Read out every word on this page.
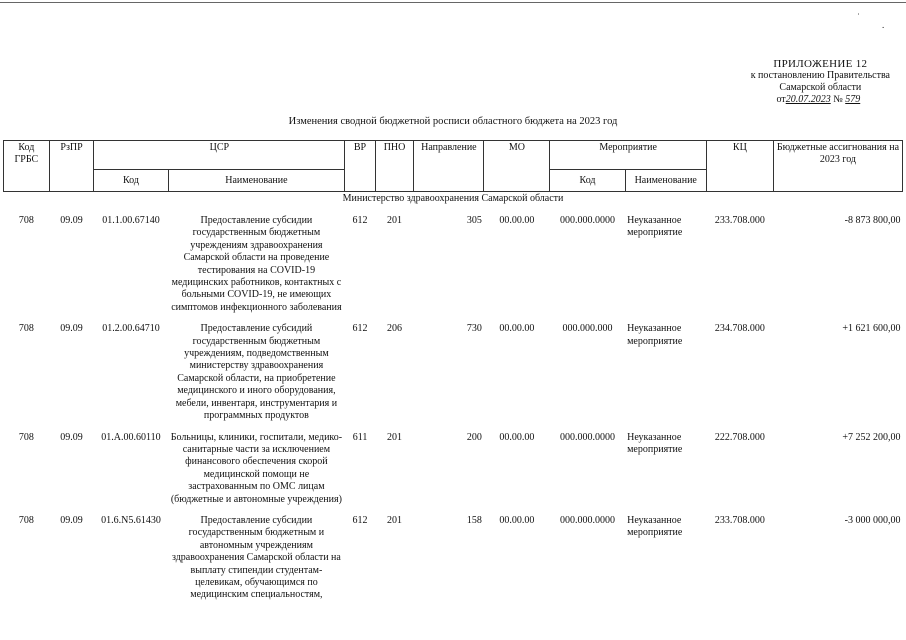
˙
.
ПРИЛОЖЕНИЕ 12
к постановлению Правительства
Самарской области
от20.07.2023 № 579
Изменения сводной бюджетной росписи областного бюджета на 2023 год
Код ГРБС	РзПР	ЦСР		ВР	ПНО	Направление	МО	Мероприятие		КЦ	Бюджетные ассигнования на 2023 год
		Код	Наименование					Код	Наименование		
Министерство здравоохранения Самарской области											
708	09.09	01.1.00.67140	Предоставление субсидии государственным бюджетным учреждениям здравоохранения Самарской области на проведение тестирования на COVID-19 медицинских работников, контактных с больными COVID-19, не имеющих симптомов инфекционного заболевания	612	201	305	00.00.00	000.000.0000	Неуказанное мероприятие	233.708.000	-8 873 800,00
708	09.09	01.2.00.64710	Предоставление субсидий государственным бюджетным учреждениям, подведомственным министерству здравоохранения Самарской области, на приобретение медицинского и иного оборудования, мебели, инвентаря, инструментария и программных продуктов	612	206	730	00.00.00	000.000.000	Неуказанное мероприятие	234.708.000	+1 621 600,00
708	09.09	01.А.00.60110	Больницы, клиники, госпитали, медико-санитарные части за исключением финансового обеспечения скорой медицинской помощи не застрахованным по ОМС лицам (бюджетные и автономные учреждения)	611	201	200	00.00.00	000.000.0000	Неуказанное мероприятие	222.708.000	+7 252 200,00
708	09.09	01.6.N5.61430	Предоставление субсидии государственным бюджетным и автономным учреждениям здравоохранения Самарской области на выплату стипендии студентам-целевикам, обучающимся по медицинским специальностям,	612	201	158	00.00.00	000.000.0000	Неуказанное мероприятие	233.708.000	-3 000 000,00
